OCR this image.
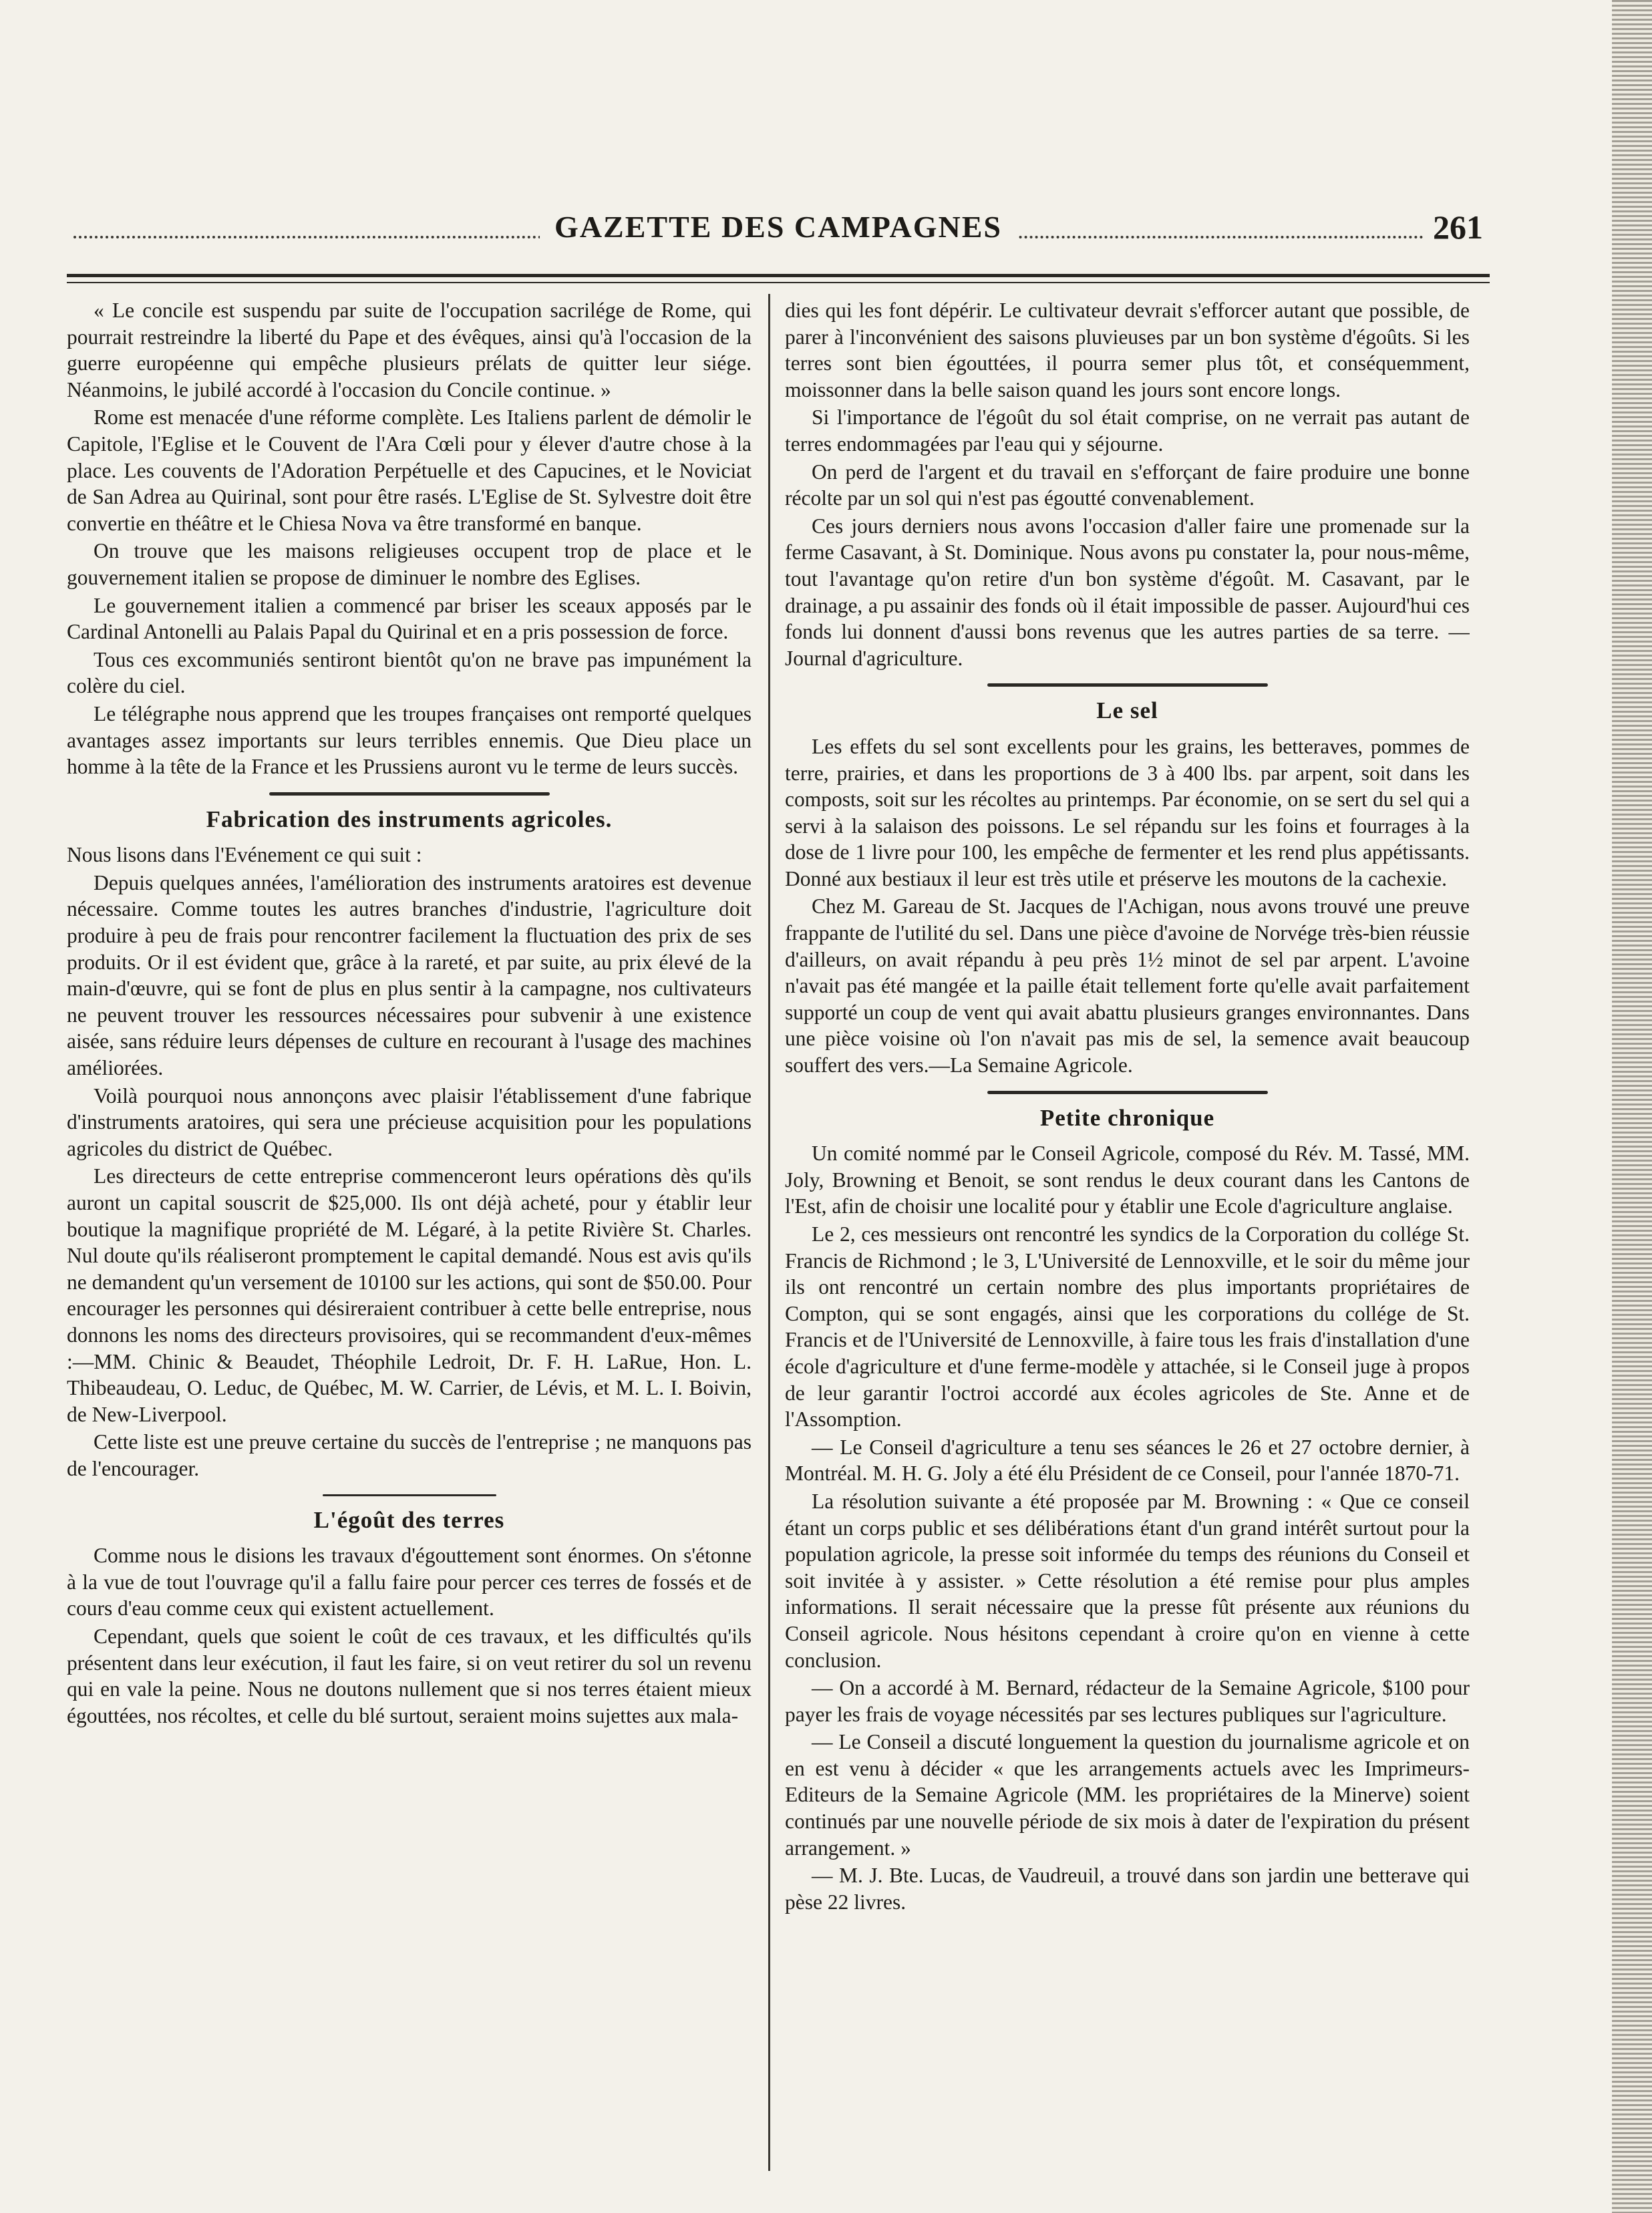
GAZETTE DES CAMPAGNES	261

« Le concile est suspendu par suite de l'occupation sacrilége de Rome, qui pourrait restreindre la liberté du Pape et des évêques, ainsi qu'à l'occasion de la guerre européenne qui empêche plusieurs prélats de quitter leur siége. Néanmoins, le jubilé accordé à l'occasion du Concile continue. »

Rome est menacée d'une réforme complète. Les Italiens parlent de démolir le Capitole, l'Eglise et le Couvent de l'Ara Cœli pour y élever d'autre chose à la place. Les couvents de l'Adoration Perpétuelle et des Capucines, et le Noviciat de San Adrea au Quirinal, sont pour être rasés. L'Eglise de St. Sylvestre doit être convertie en théâtre et le Chiesa Nova va être transformé en banque.

On trouve que les maisons religieuses occupent trop de place et le gouvernement italien se propose de diminuer le nombre des Eglises.

Le gouvernement italien a commencé par briser les sceaux apposés par le Cardinal Antonelli au Palais Papal du Quirinal et en a pris possession de force.

Tous ces excommuniés sentiront bientôt qu'on ne brave pas impunément la colère du ciel.

Le télégraphe nous apprend que les troupes françaises ont remporté quelques avantages assez importants sur leurs terribles ennemis. Que Dieu place un homme à la tête de la France et les Prussiens auront vu le terme de leurs succès.

Fabrication des instruments agricoles.

Nous lisons dans l'Evénement ce qui suit :

Depuis quelques années, l'amélioration des instruments aratoires est devenue nécessaire. Comme toutes les autres branches d'industrie, l'agriculture doit produire à peu de frais pour rencontrer facilement la fluctuation des prix de ses produits. Or il est évident que, grâce à la rareté, et par suite, au prix élevé de la main-d'œuvre, qui se font de plus en plus sentir à la campagne, nos cultivateurs ne peuvent trouver les ressources nécessaires pour subvenir à une existence aisée, sans réduire leurs dépenses de culture en recourant à l'usage des machines améliorées.

Voilà pourquoi nous annonçons avec plaisir l'établissement d'une fabrique d'instruments aratoires, qui sera une précieuse acquisition pour les populations agricoles du district de Québec.

Les directeurs de cette entreprise commenceront leurs opérations dès qu'ils auront un capital souscrit de $25,000. Ils ont déjà acheté, pour y établir leur boutique la magnifique propriété de M. Légaré, à la petite Rivière St. Charles. Nul doute qu'ils réaliseront promptement le capital demandé. Nous est avis qu'ils ne demandent qu'un versement de 10100 sur les actions, qui sont de $50.00. Pour encourager les personnes qui désireraient contribuer à cette belle entreprise, nous donnons les noms des directeurs provisoires, qui se recommandent d'eux-mêmes :—MM. Chinic & Beaudet, Théophile Ledroit, Dr. F. H. LaRue, Hon. L. Thibeaudeau, O. Leduc, de Québec, M. W. Carrier, de Lévis, et M. L. I. Boivin, de New-Liverpool.

Cette liste est une preuve certaine du succès de l'entreprise ; ne manquons pas de l'encourager.

L'égoût des terres

Comme nous le disions les travaux d'égouttement sont énormes. On s'étonne à la vue de tout l'ouvrage qu'il a fallu faire pour percer ces terres de fossés et de cours d'eau comme ceux qui existent actuellement.

Cependant, quels que soient le coût de ces travaux, et les difficultés qu'ils présentent dans leur exécution, il faut les faire, si on veut retirer du sol un revenu qui en vale la peine. Nous ne doutons nullement que si nos terres étaient mieux égouttées, nos récoltes, et celle du blé surtout, seraient moins sujettes aux mala-

dies qui les font dépérir. Le cultivateur devrait s'efforcer autant que possible, de parer à l'inconvénient des saisons pluvieuses par un bon système d'égoûts. Si les terres sont bien égouttées, il pourra semer plus tôt, et conséquemment, moissonner dans la belle saison quand les jours sont encore longs.

Si l'importance de l'égoût du sol était comprise, on ne verrait pas autant de terres endommagées par l'eau qui y séjourne.

On perd de l'argent et du travail en s'efforçant de faire produire une bonne récolte par un sol qui n'est pas égoutté convenablement.

Ces jours derniers nous avons l'occasion d'aller faire une promenade sur la ferme Casavant, à St. Dominique. Nous avons pu constater la, pour nous-même, tout l'avantage qu'on retire d'un bon système d'égoût. M. Casavant, par le drainage, a pu assainir des fonds où il était impossible de passer. Aujourd'hui ces fonds lui donnent d'aussi bons revenus que les autres parties de sa terre. —Journal d'agriculture.

Le sel

Les effets du sel sont excellents pour les grains, les betteraves, pommes de terre, prairies, et dans les proportions de 3 à 400 lbs. par arpent, soit dans les composts, soit sur les récoltes au printemps. Par économie, on se sert du sel qui a servi à la salaison des poissons. Le sel répandu sur les foins et fourrages à la dose de 1 livre pour 100, les empêche de fermenter et les rend plus appétissants. Donné aux bestiaux il leur est très utile et préserve les moutons de la cachexie.

Chez M. Gareau de St. Jacques de l'Achigan, nous avons trouvé une preuve frappante de l'utilité du sel. Dans une pièce d'avoine de Norvége très-bien réussie d'ailleurs, on avait répandu à peu près 1½ minot de sel par arpent. L'avoine n'avait pas été mangée et la paille était tellement forte qu'elle avait parfaitement supporté un coup de vent qui avait abattu plusieurs granges environnantes. Dans une pièce voisine où l'on n'avait pas mis de sel, la semence avait beaucoup souffert des vers.—La Semaine Agricole.

Petite chronique

Un comité nommé par le Conseil Agricole, composé du Rév. M. Tassé, MM. Joly, Browning et Benoit, se sont rendus le deux courant dans les Cantons de l'Est, afin de choisir une localité pour y établir une Ecole d'agriculture anglaise.

Le 2, ces messieurs ont rencontré les syndics de la Corporation du collége St. Francis de Richmond ; le 3, L'Université de Lennoxville, et le soir du même jour ils ont rencontré un certain nombre des plus importants propriétaires de Compton, qui se sont engagés, ainsi que les corporations du collége de St. Francis et de l'Université de Lennoxville, à faire tous les frais d'installation d'une école d'agriculture et d'une ferme-modèle y attachée, si le Conseil juge à propos de leur garantir l'octroi accordé aux écoles agricoles de Ste. Anne et de l'Assomption.

— Le Conseil d'agriculture a tenu ses séances le 26 et 27 octobre dernier, à Montréal. M. H. G. Joly a été élu Président de ce Conseil, pour l'année 1870-71.

La résolution suivante a été proposée par M. Browning : « Que ce conseil étant un corps public et ses délibérations étant d'un grand intérêt surtout pour la population agricole, la presse soit informée du temps des réunions du Conseil et soit invitée à y assister. » Cette résolution a été remise pour plus amples informations. Il serait nécessaire que la presse fût présente aux réunions du Conseil agricole. Nous hésitons cependant à croire qu'on en vienne à cette conclusion.

— On a accordé à M. Bernard, rédacteur de la Semaine Agricole, $100 pour payer les frais de voyage nécessités par ses lectures publiques sur l'agriculture.

— Le Conseil a discuté longuement la question du journalisme agricole et on en est venu à décider « que les arrangements actuels avec les Imprimeurs-Editeurs de la Semaine Agricole (MM. les propriétaires de la Minerve) soient continués par une nouvelle période de six mois à dater de l'expiration du présent arrangement. »

— M. J. Bte. Lucas, de Vaudreuil, a trouvé dans son jardin une betterave qui pèse 22 livres.
